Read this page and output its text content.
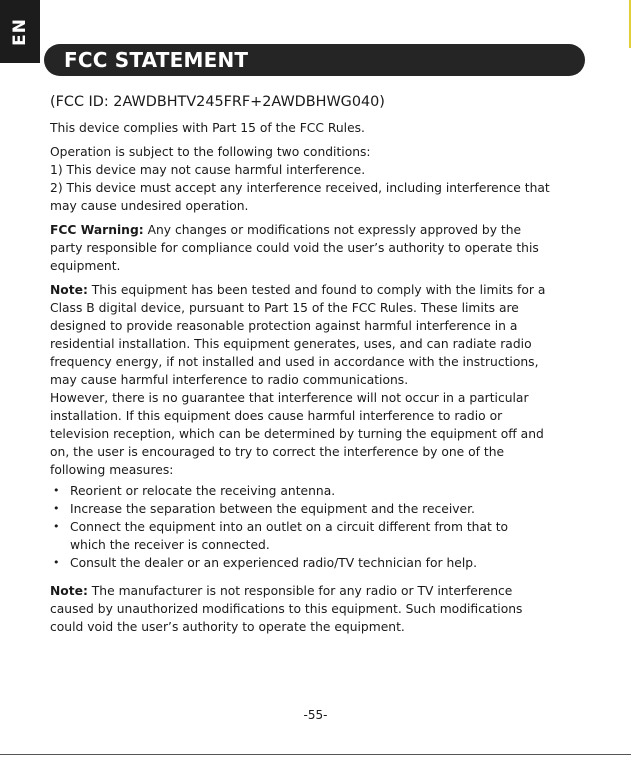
EN
FCC STATEMENT
(FCC ID: 2AWDBHTV245FRF+2AWDBHWG040)

This device complies with Part 15 of the FCC Rules.

Operation is subject to the following two conditions:
1) This device may not cause harmful interference.
2) This device must accept any interference received, including interference that
may cause undesired operation.

FCC Warning: Any changes or modifications not expressly approved by the
party responsible for compliance could void the user’s authority to operate this
equipment.

Note: This equipment has been tested and found to comply with the limits for a
Class B digital device, pursuant to Part 15 of the FCC Rules. These limits are
designed to provide reasonable protection against harmful interference in a
residential installation. This equipment generates, uses, and can radiate radio
frequency energy, if not installed and used in accordance with the instructions,
may cause harmful interference to radio communications.
However, there is no guarantee that interference will not occur in a particular
installation. If this equipment does cause harmful interference to radio or
television reception, which can be determined by turning the equipment off and
on, the user is encouraged to try to correct the interference by one of the
following measures:

• Reorient or relocate the receiving antenna.
• Increase the separation between the equipment and the receiver.
• Connect the equipment into an outlet on a circuit different from that to
which the receiver is connected.
• Consult the dealer or an experienced radio/TV technician for help.

Note: The manufacturer is not responsible for any radio or TV interference
caused by unauthorized modifications to this equipment. Such modifications
could void the user’s authority to operate the equipment.

-55-
